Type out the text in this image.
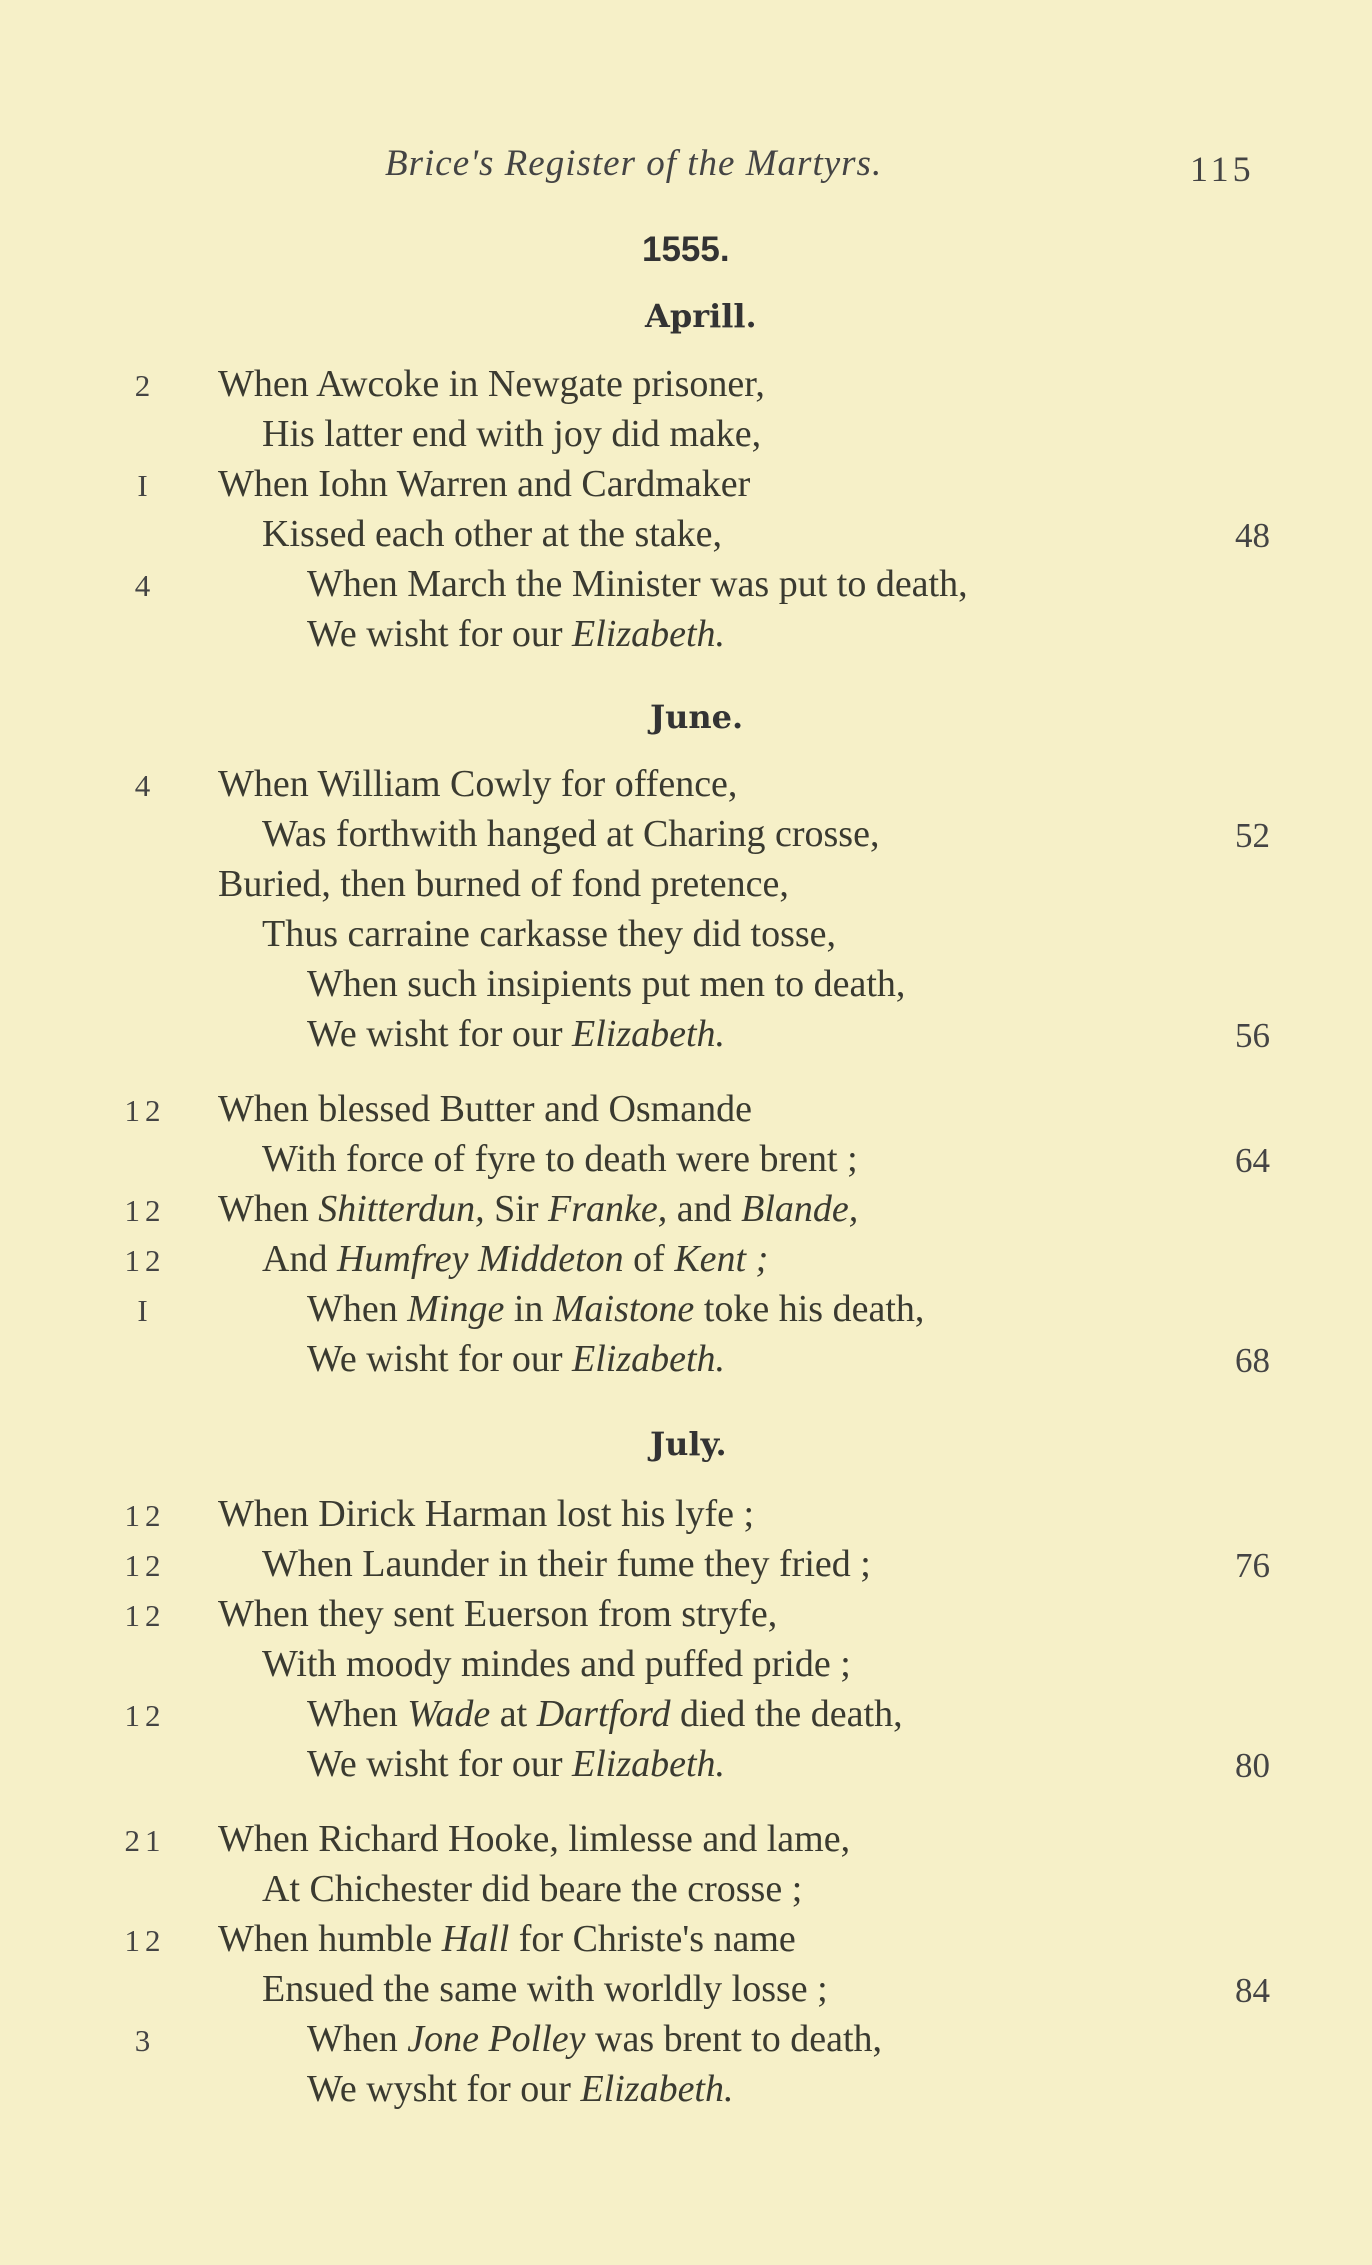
Brice's Register of the Martyrs.	115
1555.
Aprill.
June.
July.
2	When Awcoke in Newgate prisoner,
His latter end with joy did make,
I	When Iohn Warren and Cardmaker
Kissed each other at the stake,	48
4	When March the Minister was put to death,
We wisht for our Elizabeth.
4	When William Cowly for offence,
Was forthwith hanged at Charing crosse,	52
Buried, then burned of fond pretence,
Thus carraine carkasse they did tosse,
When such insipients put men to death,
We wisht for our Elizabeth.	56
12	When blessed Butter and Osmande
With force of fyre to death were brent ;	64
12	When Shitterdun, Sir Franke, and Blande,
12	And Humfrey Middeton of Kent ;
I	When Minge in Maistone toke his death,
We wisht for our Elizabeth.	68
12	When Dirick Harman lost his lyfe ;
12	When Launder in their fume they fried ;	76
12	When they sent Euerson from stryfe,
With moody mindes and puffed pride ;
12	When Wade at Dartford died the death,
We wisht for our Elizabeth.	80
21	When Richard Hooke, limlesse and lame,
At Chichester did beare the crosse ;
12	When humble Hall for Christe's name
Ensued the same with worldly losse ;	84
3	When Jone Polley was brent to death,
We wysht for our Elizabeth.
